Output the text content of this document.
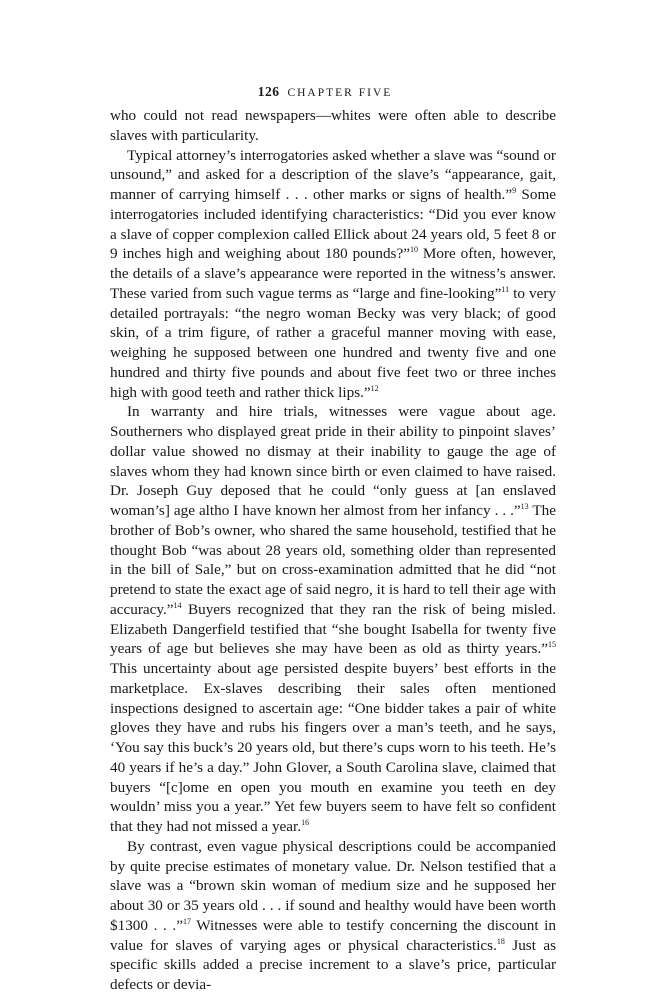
126 CHAPTER FIVE

who could not read newspapers—whites were often able to describe slaves with particularity.

Typical attorney’s interrogatories asked whether a slave was “sound or unsound,” and asked for a description of the slave’s “appearance, gait, manner of carrying himself . . . other marks or signs of health.”$^9$ Some interrogatories included identifying characteristics: “Did you ever know a slave of copper complexion called Ellick about 24 years old, 5 feet 8 or 9 inches high and weighing about 180 pounds?”$^{10}$ More often, however, the details of a slave’s appearance were reported in the witness’s answer. These varied from such vague terms as “large and fine-looking”$^{11}$ to very detailed portrayals: “the negro woman Becky was very black; of good skin, of a trim figure, of rather a graceful manner moving with ease, weighing he supposed between one hundred and twenty five and one hundred and thirty five pounds and about five feet two or three inches high with good teeth and rather thick lips.”$^{12}$

In warranty and hire trials, witnesses were vague about age. Southerners who displayed great pride in their ability to pinpoint slaves’ dollar value showed no dismay at their inability to gauge the age of slaves whom they had known since birth or even claimed to have raised. Dr. Joseph Guy deposed that he could “only guess at [an enslaved woman’s] age altho I have known her almost from her infancy . . .”$^{13}$ The brother of Bob’s owner, who shared the same household, testified that he thought Bob “was about 28 years old, something older than represented in the bill of Sale,” but on cross-examination admitted that he did “not pretend to state the exact age of said negro, it is hard to tell their age with accuracy.”$^{14}$ Buyers recognized that they ran the risk of being misled. Elizabeth Dangerfield testified that “she bought Isabella for twenty five years of age but believes she may have been as old as thirty years.”$^{15}$ This uncertainty about age persisted despite buyers’ best efforts in the marketplace. Ex-slaves describing their sales often mentioned inspections designed to ascertain age: “One bidder takes a pair of white gloves they have and rubs his fingers over a man’s teeth, and he says, ‘You say this buck’s 20 years old, but there’s cups worn to his teeth. He’s 40 years if he’s a day.” John Glover, a South Carolina slave, claimed that buyers “[c]ome en open you mouth en examine you teeth en dey wouldn’ miss you a year.” Yet few buyers seem to have felt so confident that they had not missed a year.$^{16}$

By contrast, even vague physical descriptions could be accompanied by quite precise estimates of monetary value. Dr. Nelson testified that a slave was a “brown skin woman of medium size and he supposed her about 30 or 35 years old . . . if sound and healthy would have been worth $1300 . . .”$^{17}$ Witnesses were able to testify concerning the discount in value for slaves of varying ages or physical characteristics.$^{18}$ Just as specific skills added a precise increment to a slave’s price, particular defects or devia-
